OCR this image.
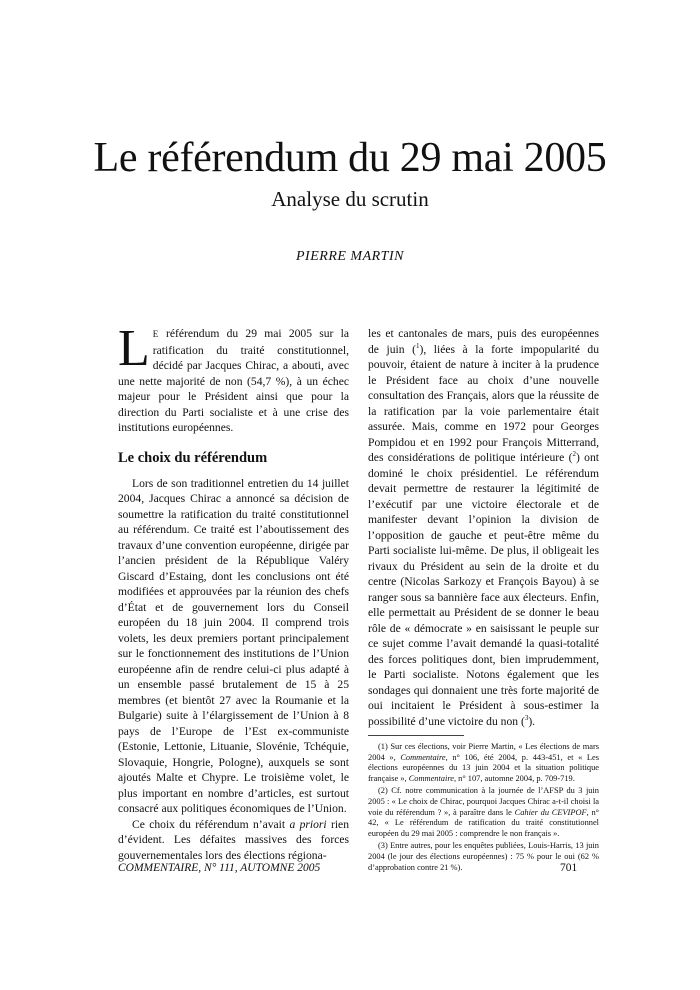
Le référendum du 29 mai 2005
Analyse du scrutin
PIERRE MARTIN

L E référendum du 29 mai 2005 sur la ratification du traité constitutionnel, décidé par Jacques Chirac, a abouti, avec une nette majorité de non (54,7 %), à un échec majeur pour le Président ainsi que pour la direction du Parti socialiste et à une crise des institutions européennes.

Le choix du référendum

Lors de son traditionnel entretien du 14 juillet 2004, Jacques Chirac a annoncé sa décision de soumettre la ratification du traité constitutionnel au référendum. Ce traité est l’aboutissement des travaux d’une convention européenne, dirigée par l’ancien président de la République Valéry Giscard d’Estaing, dont les conclusions ont été modifiées et approuvées par la réunion des chefs d’État et de gouvernement lors du Conseil européen du 18 juin 2004. Il comprend trois volets, les deux premiers portant principalement sur le fonctionnement des institutions de l’Union européenne afin de rendre celui-ci plus adapté à un ensemble passé brutalement de 15 à 25 membres (et bientôt 27 avec la Roumanie et la Bulgarie) suite à l’élargissement de l’Union à 8 pays de l’Europe de l’Est ex-communiste (Estonie, Lettonie, Lituanie, Slovénie, Tchéquie, Slovaquie, Hongrie, Pologne), auxquels se sont ajoutés Malte et Chypre. Le troisième volet, le plus important en nombre d’articles, est surtout consacré aux politiques économiques de l’Union.

Ce choix du référendum n’avait a priori rien d’évident. Les défaites massives des forces gouvernementales lors des élections régiona-

les et cantonales de mars, puis des européennes de juin ($^1$), liées à la forte impopularité du pouvoir, étaient de nature à inciter à la prudence le Président face au choix d’une nouvelle consultation des Français, alors que la réussite de la ratification par la voie parlementaire était assurée. Mais, comme en 1972 pour Georges Pompidou et en 1992 pour François Mitterrand, des considérations de politique intérieure ($^2$) ont dominé le choix présidentiel. Le référendum devait permettre de restaurer la légitimité de l’exécutif par une victoire électorale et de manifester devant l’opinion la division de l’opposition de gauche et peut-être même du Parti socialiste lui-même. De plus, il obligeait les rivaux du Président au sein de la droite et du centre (Nicolas Sarkozy et François Bayou) à se ranger sous sa bannière face aux électeurs. Enfin, elle permettait au Président de se donner le beau rôle de « démocrate » en saisissant le peuple sur ce sujet comme l’avait demandé la quasi-totalité des forces politiques dont, bien imprudemment, le Parti socialiste. Notons également que les sondages qui donnaient une très forte majorité de oui incitaient le Président à sous-estimer la possibilité d’une victoire du non ($^3$).

(1) Sur ces élections, voir Pierre Martin, « Les élections de mars 2004 », Commentaire, n° 106, été 2004, p. 443-451, et « Les élections européennes du 13 juin 2004 et la situation politique française », Commentaire, n° 107, automne 2004, p. 709-719.

(2) Cf. notre communication à la journée de l’AFSP du 3 juin 2005 : « Le choix de Chirac, pourquoi Jacques Chirac a-t-il choisi la voie du référendum ? », à paraître dans le Cahier du CEVIPOF, n° 42, « Le référendum de ratification du traité constitutionnel européen du 29 mai 2005 : comprendre le non français ».

(3) Entre autres, pour les enquêtes publiées, Louis-Harris, 13 juin 2004 (le jour des élections européennes) : 75 % pour le oui (62 % d’approbation contre 21 %).

COMMENTAIRE, N° 111, AUTOMNE 2005	701
